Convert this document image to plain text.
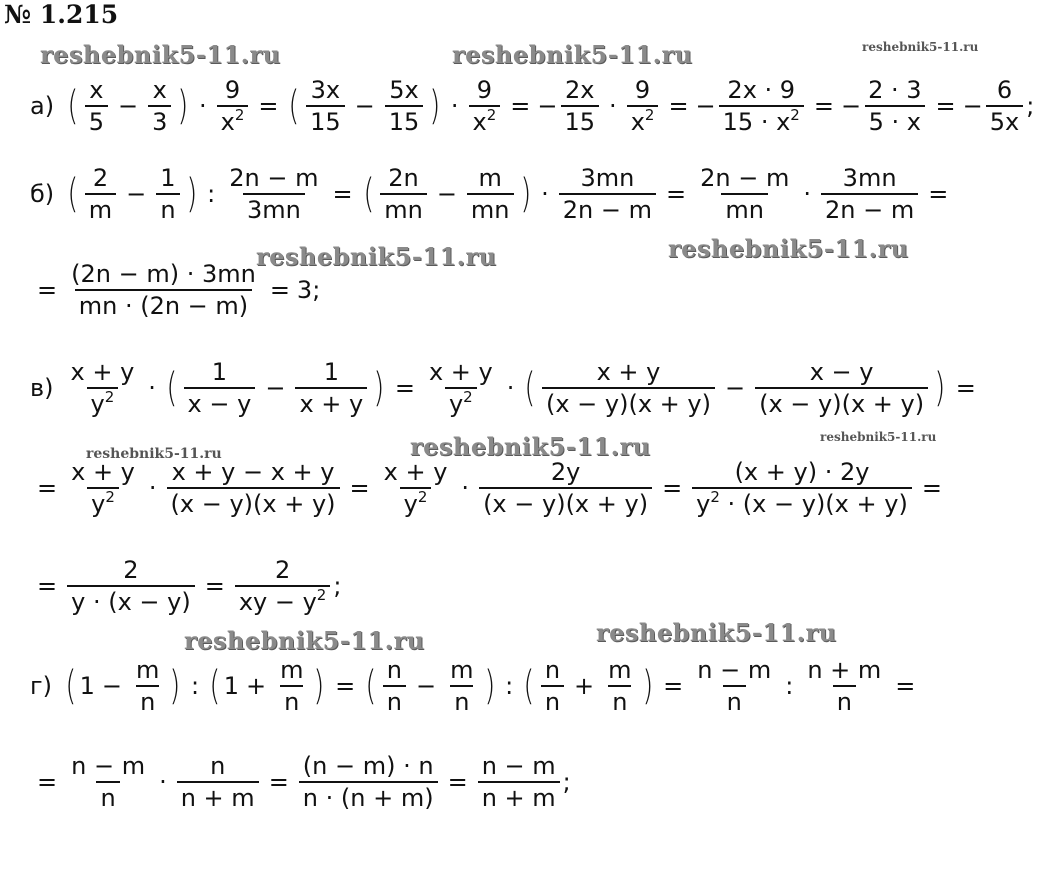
№ 1.215
reshebnik5-11.ru	reshebnik5-11.ru	reshebnik5-11.ru
reshebnik5-11.ru	reshebnik5-11.ru
reshebnik5-11.ru	reshebnik5-11.ru	reshebnik5-11.ru
reshebnik5-11.ru	reshebnik5-11.ru
а) ( $\frac{x}{5} - \frac{x}{3}$ ) · $\frac{9}{x^2}$ = ( $\frac{3x}{15} - \frac{5x}{15}$ ) · $\frac{9}{x^2}$ = − $\frac{2x}{15} \cdot \frac{9}{x^2}$ = − $\frac{2x \cdot 9}{15 \cdot x^2}$ = − $\frac{2 \cdot 3}{5 \cdot x}$ = − $\frac{6}{5x}$ ;
б) ( $\frac{2}{m} - \frac{1}{n}$ ) : $\frac{2n - m}{3mn}$ = ( $\frac{2n}{mn} - \frac{m}{mn}$ ) · $\frac{3mn}{2n - m} = \frac{2n - m}{mn} \cdot \frac{3mn}{2n - m}$ =
= $\frac{(2n - m) \cdot 3mn}{mn \cdot (2n - m)} = 3$;
$в) \frac{x + y}{y^2}$ · ( $\frac{1}{x - y} - \frac{1}{x + y}$ ) = $\frac{x + y}{y^2}$ · ( $\frac{x + y}{(x - y)(x + y)} - \frac{x - y}{(x - y)(x + y)}$ ) =
= $\frac{x + y}{y^2} \cdot \frac{x + y - x + y}{(x - y)(x + y)} = \frac{x + y}{y^2} \cdot \frac{2y}{(x - y)(x + y)} = \frac{(x + y) \cdot 2y}{y^2 \cdot (x - y)(x + y)}$ =
= $\frac{2}{y \cdot (x - y)} = \frac{2}{xy - y^2}$ ;
г) ( $1 - \frac{m}{n}$ ) : ( $1 + \frac{m}{n}$ ) = ( $\frac{n}{n} - \frac{m}{n}$ ) : ( $\frac{n}{n} + \frac{m}{n}$ ) = $\frac{n - m}{n}$ : $\frac{n + m}{n}$ =
= $\frac{n - m}{n} \cdot \frac{n}{n + m} = \frac{(n - m) \cdot n}{n \cdot (n + m)} = \frac{n - m}{n + m}$ ;
